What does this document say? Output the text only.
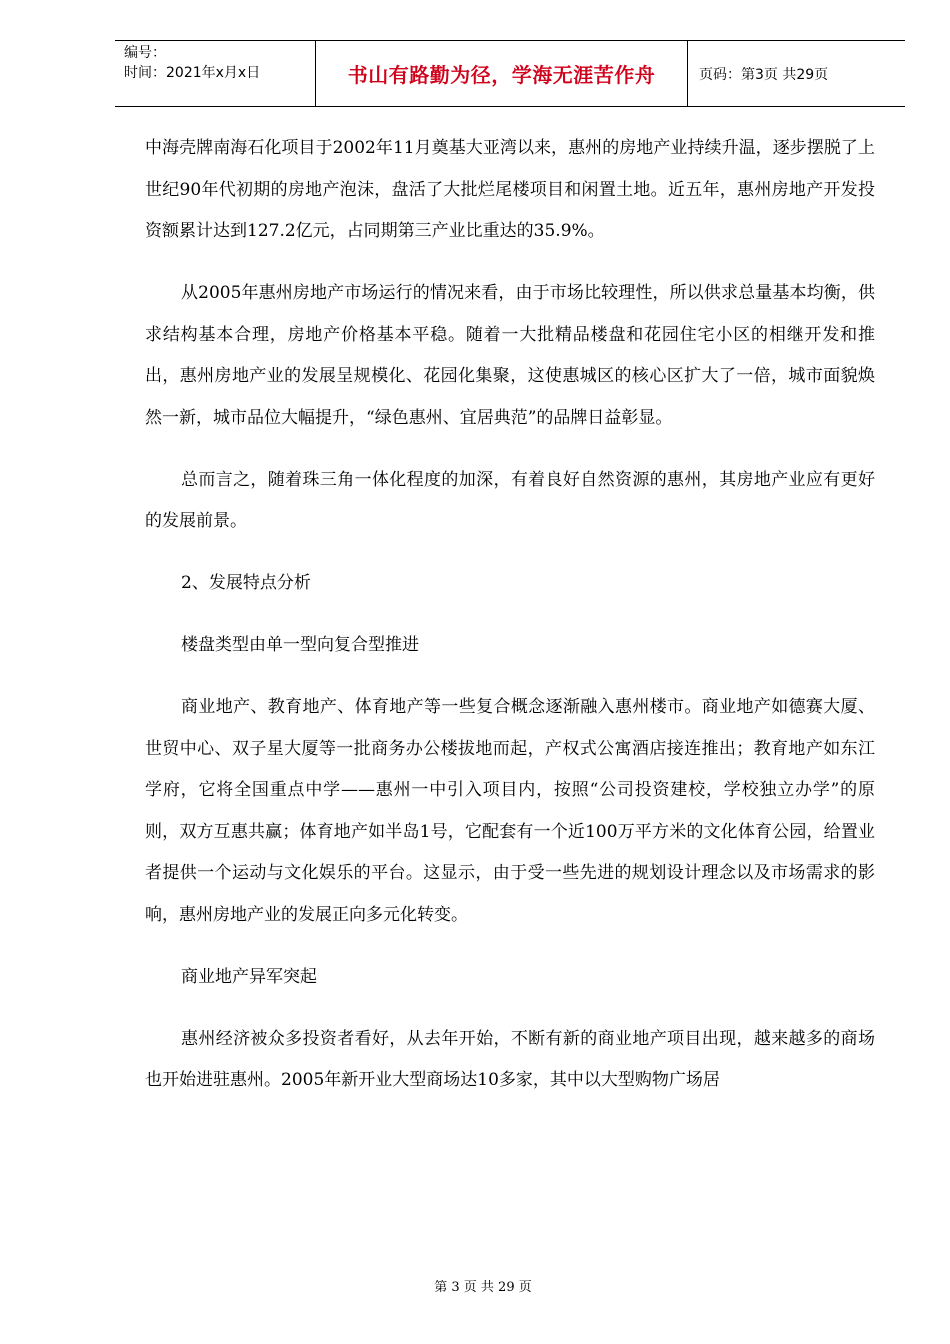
编号：
时间：2021年x月x日	书山有路勤为径，学海无涯苦作舟	页码：第3页 共29页

中海壳牌南海石化项目于2002年11月奠基大亚湾以来，惠州的房地产业持续升温，逐步摆脱了上世纪90年代初期的房地产泡沫，盘活了大批烂尾楼项目和闲置土地。近五年，惠州房地产开发投资额累计达到127.2亿元，占同期第三产业比重达的35.9%。

从2005年惠州房地产市场运行的情况来看，由于市场比较理性，所以供求总量基本均衡，供求结构基本合理，房地产价格基本平稳。随着一大批精品楼盘和花园住宅小区的相继开发和推出，惠州房地产业的发展呈规模化、花园化集聚，这使惠城区的核心区扩大了一倍，城市面貌焕然一新，城市品位大幅提升，“绿色惠州、宜居典范”的品牌日益彰显。

总而言之，随着珠三角一体化程度的加深，有着良好自然资源的惠州，其房地产业应有更好的发展前景。

2、发展特点分析

楼盘类型由单一型向复合型推进

商业地产、教育地产、体育地产等一些复合概念逐渐融入惠州楼市。商业地产如德赛大厦、世贸中心、双子星大厦等一批商务办公楼拔地而起，产权式公寓酒店接连推出；教育地产如东江学府，它将全国重点中学——惠州一中引入项目内，按照“公司投资建校，学校独立办学”的原则，双方互惠共赢；体育地产如半岛1号，它配套有一个近100万平方米的文化体育公园，给置业者提供一个运动与文化娱乐的平台。这显示，由于受一些先进的规划设计理念以及市场需求的影响，惠州房地产业的发展正向多元化转变。

商业地产异军突起

惠州经济被众多投资者看好，从去年开始，不断有新的商业地产项目出现，越来越多的商场也开始进驻惠州。2005年新开业大型商场达10多家，其中以大型购物广场居

第 3 页 共 29 页
